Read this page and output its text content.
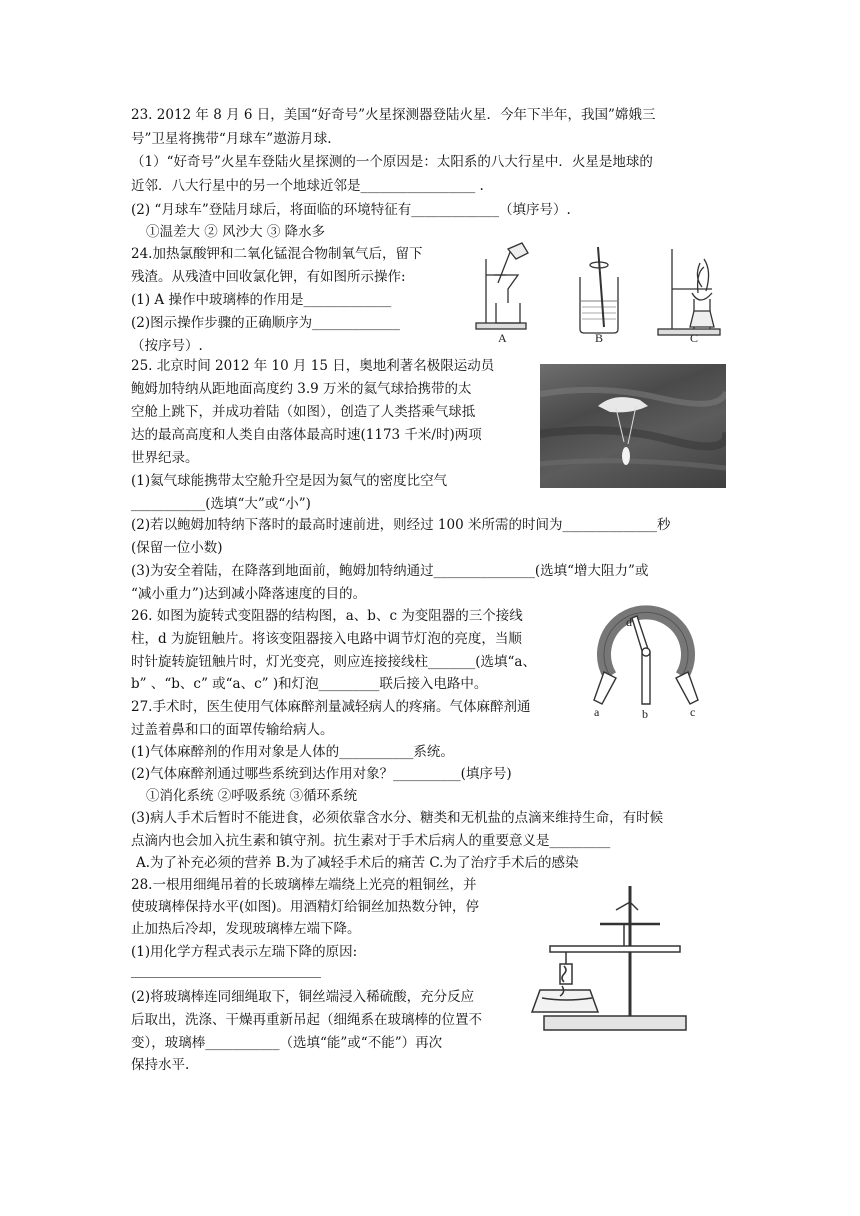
23. 2012 年 8 月 6 日，美国“好奇号”火星探测器登陆火星．今年下半年，我国”嫦娥三
号”卫星将携带“月球车”遨游月球.
（1）“好奇号”火星车登陆火星探测的一个原因是：太阳系的八大行星中．火星是地球的
近邻．八大行星中的另一个地球近邻是_________________ .
(2) “月球车”登陆月球后，将面临的环境特征有_____________（填序号）.
①温差大 ② 风沙大 ③ 降水多
24.加热氯酸钾和二氧化锰混合物制氧气后，留下
残渣。从残渣中回收氯化钾，有如图所示操作:
(1) A 操作中玻璃棒的作用是_____________
(2)图示操作步骤的正确顺序为_____________
（按序号）.	A	B	C
25. 北京时间 2012 年 10 月 15 日，奥地利著名极限运动员
鲍姆加特纳从距地面高度约 3.9 万米的氦气球拾携带的太
空舱上跳下，并成功着陆（如图），创造了人类搭乘气球抵
达的最高高度和人类自由落体最高时速(1173 千米/时)两项
世界纪录。
(1)氦气球能携带太空舱升空是因为氦气的密度比空气
___________(选填“大”或“小”)
(2)若以鲍姆加特纳下落时的最高时速前进，则经过 100 米所需的时间为______________秒
(保留一位小数)
(3)为安全着陆，在降落到地面前，鲍姆加特纳通过_______________(选填“增大阻力”或
“减小重力”)达到减小降落速度的目的。
26. 如图为旋转式变阻器的结构图，a、b、c 为变阻器的三个接线
柱，d 为旋钮触片。将该变阻器接入电路中调节灯泡的亮度，当顺
时针旋转旋钮触片时，灯光变亮，则应连接接线柱_______(选填“a、
b” 、“b、c” 或“a、c” )和灯泡_________联后接入电路中。
a	b	c
d
27.手术时，医生使用气体麻醉剂量减轻病人的疼痛。气体麻醉剂通
过盖着鼻和口的面罩传输给病人。
(1)气体麻醉剂的作用对象是人体的___________系统。
(2)气体麻醉剂通过哪些系统到达作用对象？__________(填序号)
①消化系统 ②呼吸系统 ③循环系统
(3)病人手术后暂时不能进食，必须依靠含水分、糖类和无机盐的点滴来维持生命，有时候
点滴内也会加入抗生素和镇守剂。抗生素对于手术后病人的重要意义是_________
A.为了补充必须的营养 B.为了减轻手术后的痛苦 C.为了治疗手术后的感染
28.一根用细绳吊着的长玻璃棒左端绕上光亮的粗铜丝，并
使玻璃棒保持水平(如图)。用酒精灯给铜丝加热数分钟，停
止加热后冷却，发现玻璃棒左端下降。
(1)用化学方程式表示左瑞下降的原因:
(2)将玻璃棒连同细绳取下，铜丝端浸入稀硫酸，充分反应
后取出，洗涤、干燥再重新吊起（细绳系在玻璃棒的位置不
变），玻璃棒___________（选填“能”或“不能”）再次
保持水平.
